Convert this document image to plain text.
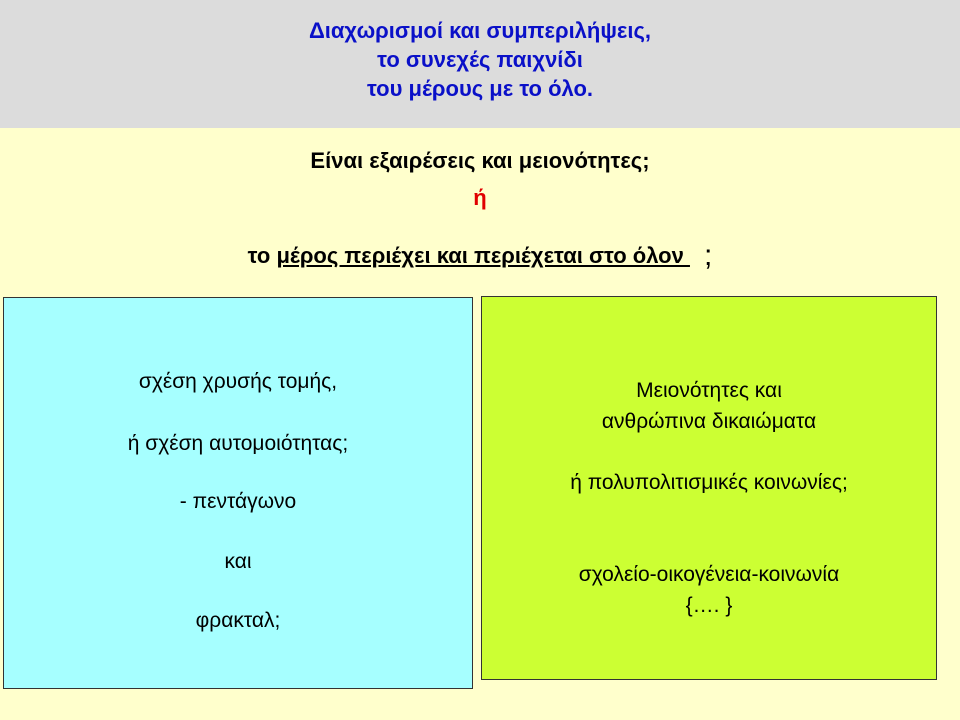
Διαχωρισμοί και συμπεριλήψεις,
το συνεχές παιχνίδι
του μέρους με το όλο.
Είναι εξαιρέσεις και μειονότητες;
ή
το μέρος περιέχει και περιέχεται στο όλον ;
σχέση χρυσής τομής,
ή σχέση αυτομοιότητας;
- πεντάγωνο
και
φρακταλ;
Μειονότητες και
ανθρώπινα δικαιώματα
ή πολυπολιτισμικές κοινωνίες;
σχολείο-οικογένεια-κοινωνία
{…. }
